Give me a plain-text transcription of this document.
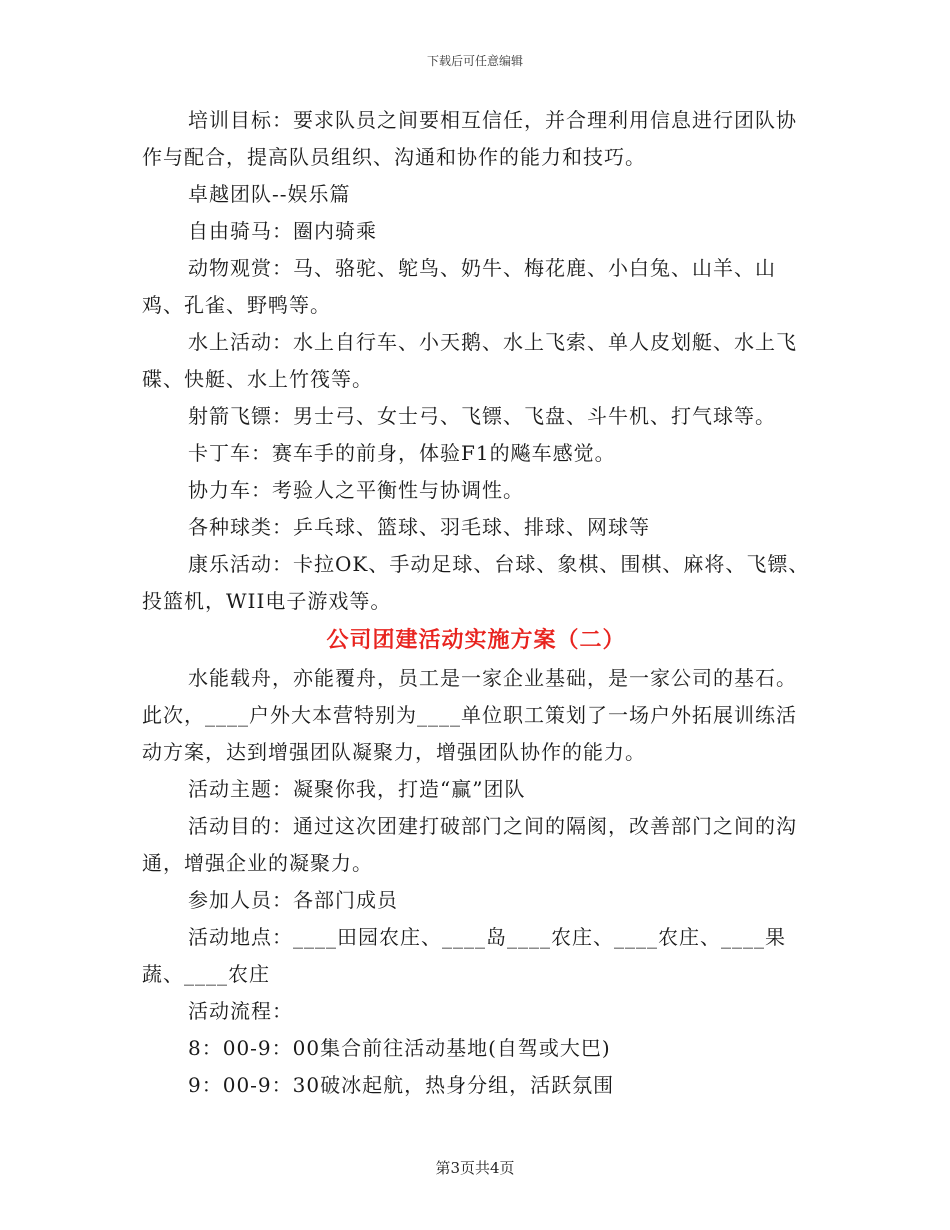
下载后可任意编辑

培训目标：要求队员之间要相互信任，并合理利用信息进行团队协作与配合，提高队员组织、沟通和协作的能力和技巧。

卓越团队--娱乐篇

自由骑马：圈内骑乘

动物观赏：马、骆驼、鸵鸟、奶牛、梅花鹿、小白兔、山羊、山鸡、孔雀、野鸭等。

水上活动：水上自行车、小天鹅、水上飞索、单人皮划艇、水上飞碟、快艇、水上竹筏等。

射箭飞镖：男士弓、女士弓、飞镖、飞盘、斗牛机、打气球等。

卡丁车：赛车手的前身，体验F1的飚车感觉。

协力车：考验人之平衡性与协调性。

各种球类：乒乓球、篮球、羽毛球、排球、网球等

康乐活动：卡拉OK、手动足球、台球、象棋、围棋、麻将、飞镖、投篮机，WII电子游戏等。

公司团建活动实施方案（二）

水能载舟，亦能覆舟，员工是一家企业基础，是一家公司的基石。此次，____户外大本营特别为____单位职工策划了一场户外拓展训练活动方案，达到增强团队凝聚力，增强团队协作的能力。

活动主题：凝聚你我，打造“赢”团队

活动目的：通过这次团建打破部门之间的隔阂，改善部门之间的沟通，增强企业的凝聚力。

参加人员：各部门成员

活动地点：____田园农庄、____岛____农庄、____农庄、____果蔬、____农庄

活动流程：

8：00-9：00集合前往活动基地(自驾或大巴)

9：00-9：30破冰起航，热身分组，活跃氛围

第3页共4页
